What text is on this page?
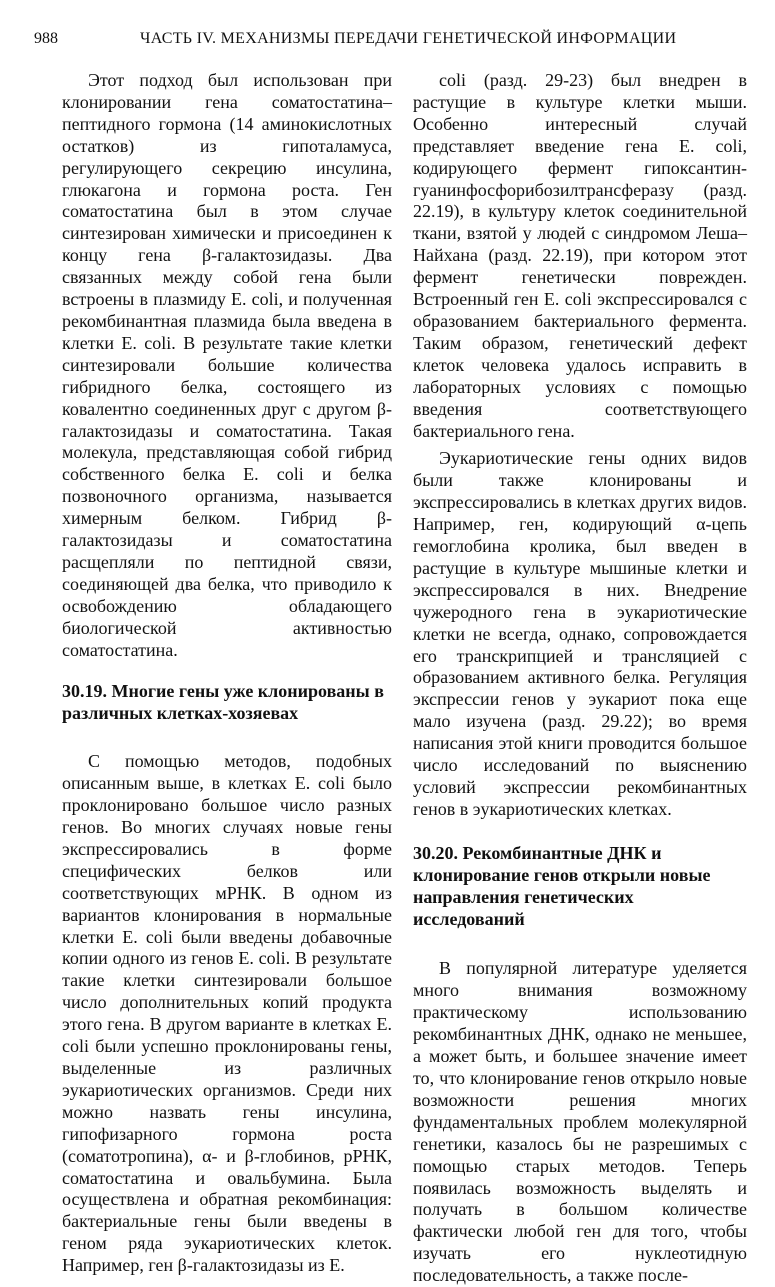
988	ЧАСТЬ IV. МЕХАНИЗМЫ ПЕРЕДАЧИ ГЕНЕТИЧЕСКОЙ ИНФОРМАЦИИ

Этот подход был использован при клонировании гена соматостатина–пептидного гормона (14 аминокислотных остатков) из гипоталамуса, регулирующего секрецию инсулина, глюкагона и гормона роста. Ген соматостатина был в этом случае синтезирован химически и присоединен к концу гена β-галактозидазы. Два связанных между собой гена были встроены в плазмиду E. coli, и полученная рекомбинантная плазмида была введена в клетки E. coli. В результате такие клетки синтезировали большие количества гибридного белка, состоящего из ковалентно соединенных друг с другом β-галактозидазы и соматостатина. Такая молекула, представляющая собой гибрид собственного белка E. coli и белка позвоночного организма, называется химерным белком. Гибрид β-галактозидазы и соматостатина расщепляли по пептидной связи, соединяющей два белка, что приводило к освобождению обладающего биологической активностью соматостатина.

30.19. Многие гены уже клонированы в различных клетках-хозяевах

С помощью методов, подобных описанным выше, в клетках E. coli было проклонировано большое число разных генов. Во многих случаях новые гены экспрессировались в форме специфических белков или соответствующих мРНК. В одном из вариантов клонирования в нормальные клетки E. coli были введены добавочные копии одного из генов E. coli. В результате такие клетки синтезировали большое число дополнительных копий продукта этого гена. В другом варианте в клетках E. coli были успешно проклонированы гены, выделенные из различных эукариотических организмов. Среди них можно назвать гены инсулина, гипофизарного гормона роста (соматотропина), α- и β-глобинов, рРНК, соматостатина и овальбумина. Была осуществлена и обратная рекомбинация: бактериальные гены были введены в геном ряда эукариотических клеток. Например, ген β-галактозидазы из E.

coli (разд. 29-23) был внедрен в растущие в культуре клетки мыши. Особенно интересный случай представляет введение гена E. coli, кодирующего фермент гипоксантин-гуанинфосфорибозилтрансферазу (разд. 22.19), в культуру клеток соединительной ткани, взятой у людей с синдромом Леша–Найхана (разд. 22.19), при котором этот фермент генетически поврежден. Встроенный ген E. coli экспрессировался с образованием бактериального фермента. Таким образом, генетический дефект клеток человека удалось исправить в лабораторных условиях с помощью введения соответствующего бактериального гена.

Эукариотические гены одних видов были также клонированы и экспрессировались в клетках других видов. Например, ген, кодирующий α-цепь гемоглобина кролика, был введен в растущие в культуре мышиные клетки и экспрессировался в них. Внедрение чужеродного гена в эукариотические клетки не всегда, однако, сопровождается его транскрипцией и трансляцией с образованием активного белка. Регуляция экспрессии генов у эукариот пока еще мало изучена (разд. 29.22); во время написания этой книги проводится большое число исследований по выяснению условий экспрессии рекомбинантных генов в эукариотических клетках.

30.20. Рекомбинантные ДНК и клонирование генов открыли новые направления генетических исследований

В популярной литературе уделяется много внимания возможному практическому использованию рекомбинантных ДНК, однако не меньшее, а может быть, и большее значение имеет то, что клонирование генов открыло новые возможности решения многих фундаментальных проблем молекулярной генетики, казалось бы не разрешимых с помощью старых методов. Теперь появилась возможность выделять и получать в большом количестве фактически любой ген для того, чтобы изучать его нуклеотидную последовательность, а также после-
